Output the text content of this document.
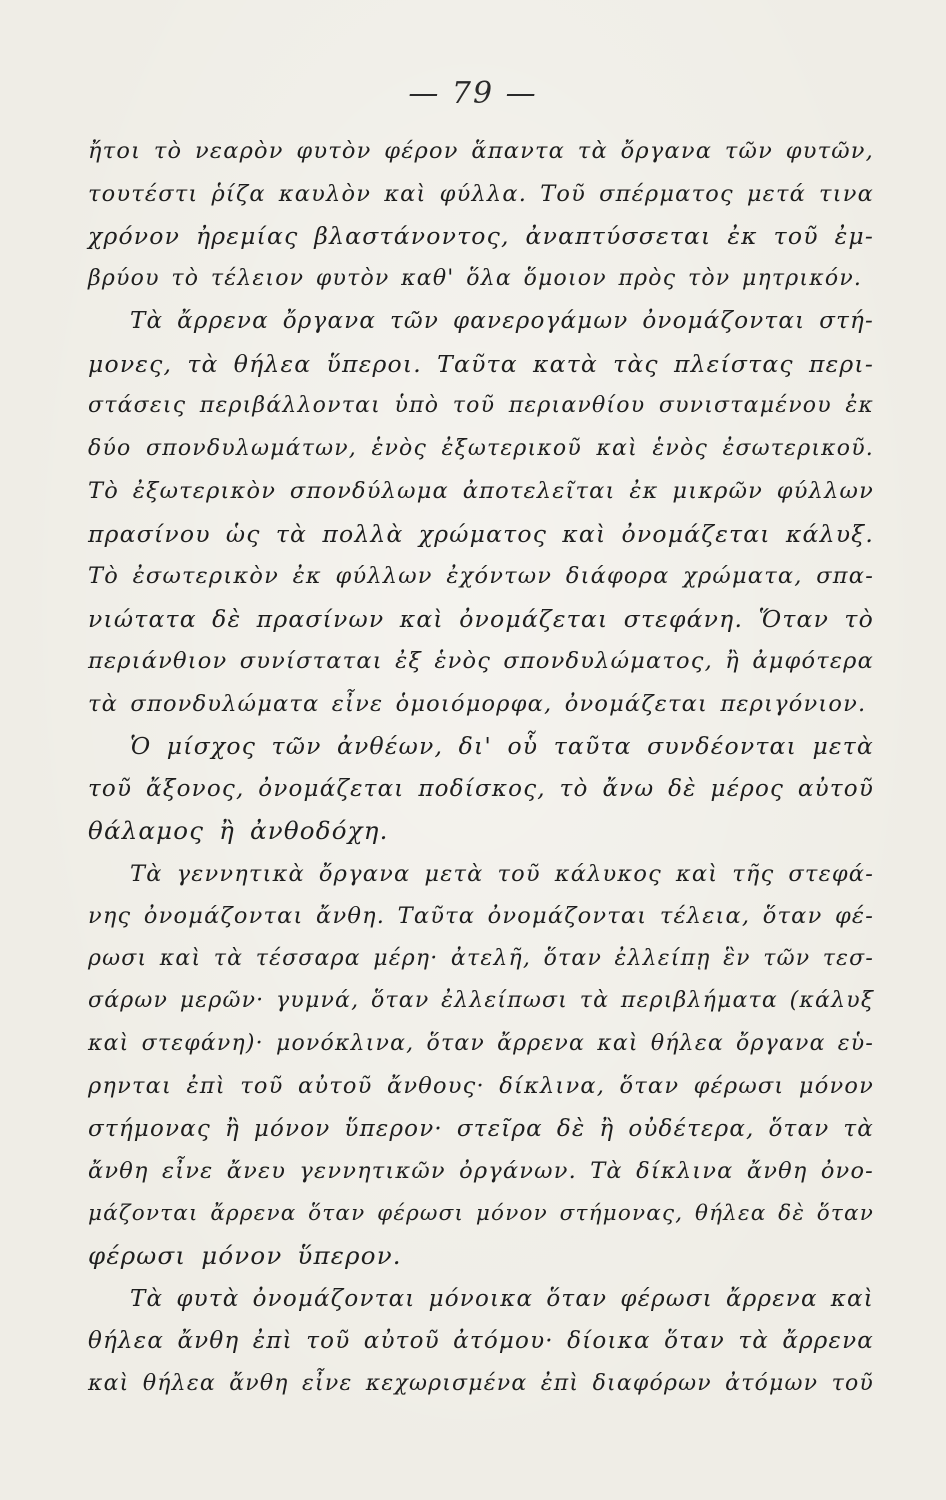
— 79 —
ἤτοι τὸ νεαρὸν φυτὸν φέρον ἅπαντα τὰ ὄργανα τῶν φυτῶν,
τουτέστι ῥίζα καυλὸν καὶ φύλλα. Τοῦ σπέρματος μετά τινα
χρόνον ἠρεμίας βλαστάνοντος, ἀναπτύσσεται ἐκ τοῦ ἐμ-
βρύου τὸ τέλειον φυτὸν καθ' ὅλα ὅμοιον πρὸς τὸν μητρικόν.
Τὰ ἄρρενα ὄργανα τῶν φανερογάμων ὀνομάζονται στή-
μονες, τὰ θήλεα ὕπεροι. Ταῦτα κατὰ τὰς πλείστας περι-
στάσεις περιβάλλονται ὑπὸ τοῦ περιανθίου συνισταμένου ἐκ
δύο σπονδυλωμάτων, ἑνὸς ἐξωτερικοῦ καὶ ἑνὸς ἐσωτερικοῦ.
Τὸ ἐξωτερικὸν σπονδύλωμα ἀποτελεῖται ἐκ μικρῶν φύλλων
πρασίνου ὡς τὰ πολλὰ χρώματος καὶ ὀνομάζεται κάλυξ.
Τὸ ἐσωτερικὸν ἐκ φύλλων ἐχόντων διάφορα χρώματα, σπα-
νιώτατα δὲ πρασίνων καὶ ὀνομάζεται στεφάνη. Ὅταν τὸ
περιάνθιον συνίσταται ἐξ ἑνὸς σπονδυλώματος, ἢ ἀμφότερα
τὰ σπονδυλώματα εἶνε ὁμοιόμορφα, ὀνομάζεται περιγόνιον.
Ὁ μίσχος τῶν ἀνθέων, δι' οὗ ταῦτα συνδέονται μετὰ
τοῦ ἄξονος, ὀνομάζεται ποδίσκος, τὸ ἄνω δὲ μέρος αὐτοῦ
θάλαμος ἢ ἀνθοδόχη.
Τὰ γεννητικὰ ὄργανα μετὰ τοῦ κάλυκος καὶ τῆς στεφά-
νης ὀνομάζονται ἄνθη. Ταῦτα ὀνομάζονται τέλεια, ὅταν φέ-
ρωσι καὶ τὰ τέσσαρα μέρη· ἀτελῆ, ὅταν ἐλλείπῃ ἓν τῶν τεσ-
σάρων μερῶν· γυμνά, ὅταν ἐλλείπωσι τὰ περιβλήματα (κάλυξ
καὶ στεφάνη)· μονόκλινα, ὅταν ἄρρενα καὶ θήλεα ὄργανα εὑ-
ρηνται ἐπὶ τοῦ αὐτοῦ ἄνθους· δίκλινα, ὅταν φέρωσι μόνον
στήμονας ἢ μόνον ὕπερον· στεῖρα δὲ ἢ οὐδέτερα, ὅταν τὰ
ἄνθη εἶνε ἄνευ γεννητικῶν ὀργάνων. Τὰ δίκλινα ἄνθη ὀνο-
μάζονται ἄρρενα ὅταν φέρωσι μόνον στήμονας, θήλεα δὲ ὅταν
φέρωσι μόνον ὕπερον.
Τὰ φυτὰ ὀνομάζονται μόνοικα ὅταν φέρωσι ἄρρενα καὶ
θήλεα ἄνθη ἐπὶ τοῦ αὐτοῦ ἀτόμου· δίοικα ὅταν τὰ ἄρρενα
καὶ θήλεα ἄνθη εἶνε κεχωρισμένα ἐπὶ διαφόρων ἀτόμων τοῦ
